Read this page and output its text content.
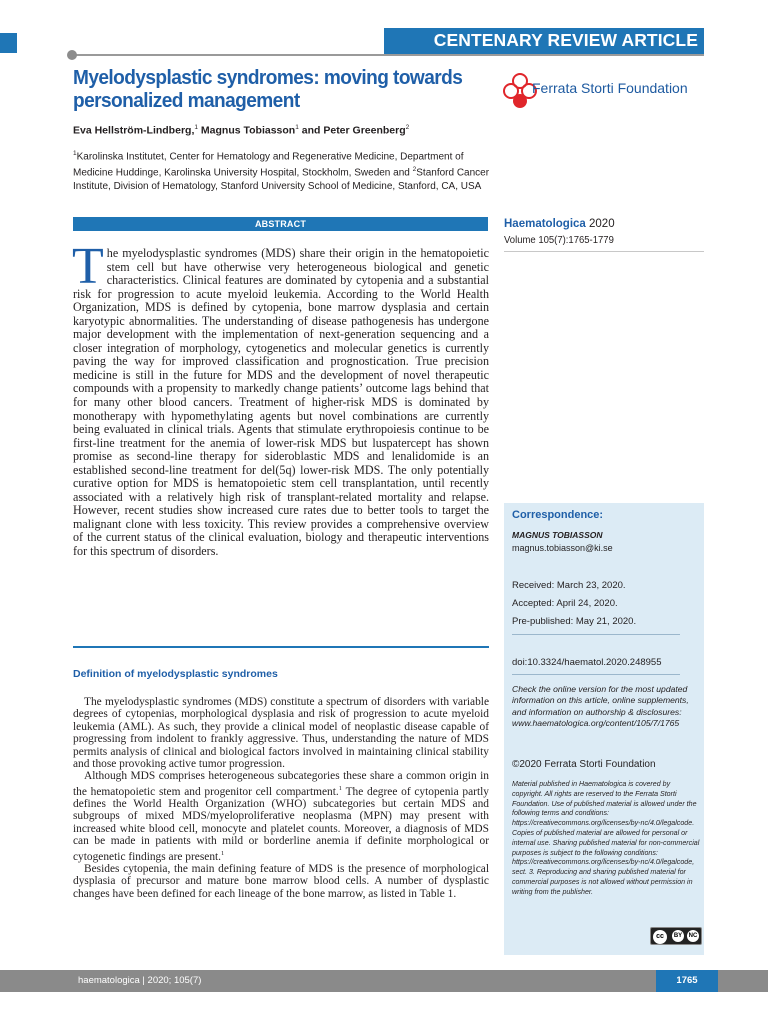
CENTENARY REVIEW ARTICLE
Myelodysplastic syndromes: moving towards personalized management
Ferrata Storti Foundation
Eva Hellström-Lindberg,$^1$ Magnus Tobiasson$^1$ and Peter Greenberg$^2$
$^1$Karolinska Institutet, Center for Hematology and Regenerative Medicine, Department of Medicine Huddinge, Karolinska University Hospital, Stockholm, Sweden and $^2$Stanford Cancer Institute, Division of Hematology, Stanford University School of Medicine, Stanford, CA, USA
ABSTRACT
The myelodysplastic syndromes (MDS) share their origin in the hematopoietic stem cell but have otherwise very heterogeneous biological and genetic characteristics. Clinical features are dominated by cytopenia and a substantial risk for progression to acute myeloid leukemia. According to the World Health Organization, MDS is defined by cytopenia, bone marrow dysplasia and certain karyotypic abnormalities. The understanding of disease pathogenesis has undergone major development with the implementation of next-generation sequencing and a closer integration of morphology, cytogenetics and molecular genetics is currently paving the way for improved classification and prognostication. True precision medicine is still in the future for MDS and the development of novel therapeutic compounds with a propensity to markedly change patients’ outcome lags behind that for many other blood cancers. Treatment of higher-risk MDS is dominated by monotherapy with hypomethylating agents but novel combinations are currently being evaluated in clinical trials. Agents that stimulate erythropoiesis continue to be first-line treatment for the anemia of lower-risk MDS but luspatercept has shown promise as second-line therapy for sideroblastic MDS and lenalidomide is an established second-line treatment for del(5q) lower-risk MDS. The only potentially curative option for MDS is hematopoietic stem cell transplantation, until recently associated with a relatively high risk of transplant-related mortality and relapse. However, recent studies show increased cure rates due to better tools to target the malignant clone with less toxicity. This review provides a comprehensive overview of the current status of the clinical evaluation, biology and therapeutic interventions for this spectrum of disorders.
Definition of myelodysplastic syndromes

The myelodysplastic syndromes (MDS) constitute a spectrum of disorders with variable degrees of cytopenias, morphological dysplasia and risk of progression to acute myeloid leukemia (AML). As such, they provide a clinical model of neoplastic disease capable of progressing from indolent to frankly aggressive. Thus, understanding the nature of MDS permits analysis of clinical and biological factors involved in maintaining clinical stability and those provoking active tumor progression.

Although MDS comprises heterogeneous subcategories these share a common origin in the hematopoietic stem and progenitor cell compartment.$^1$ The degree of cytopenia partly defines the World Health Organization (WHO) subcategories but certain MDS and subgroups of mixed MDS/myeloproliferative neoplasma (MPN) may present with increased white blood cell, monocyte and platelet counts. Moreover, a diagnosis of MDS can be made in patients with mild or borderline anemia if definite morphological or cytogenetic findings are present.$^1$

Besides cytopenia, the main defining feature of MDS is the presence of morphological dysplasia of precursor and mature bone marrow blood cells. A number of dysplastic changes have been defined for each lineage of the bone marrow, as listed in Table 1.

Haematologica 2020
Volume 105(7):1765-1779
Correspondence:
MAGNUS TOBIASSON
magnus.tobiasson@ki.se
Received: March 23, 2020.
Accepted: April 24, 2020.
Pre-published: May 21, 2020.
doi:10.3324/haematol.2020.248955
Check the online version for the most updated information on this article, online supplements, and information on authorship & disclosures: www.haematologica.org/content/105/7/1765
©2020 Ferrata Storti Foundation
Material published in Haematologica is covered by copyright. All rights are reserved to the Ferrata Storti Foundation. Use of published material is allowed under the following terms and conditions: https://creativecommons.org/licenses/by-nc/4.0/legalcode. Copies of published material are allowed for personal or internal use. Sharing published material for non-commercial purposes is subject to the following conditions: https://creativecommons.org/licenses/by-nc/4.0/legalcode, sect. 3. Reproducing and sharing published material for commercial purposes is not allowed without permission in writing from the publisher.
cc	BY	NC
haematologica | 2020; 105(7)	1765
